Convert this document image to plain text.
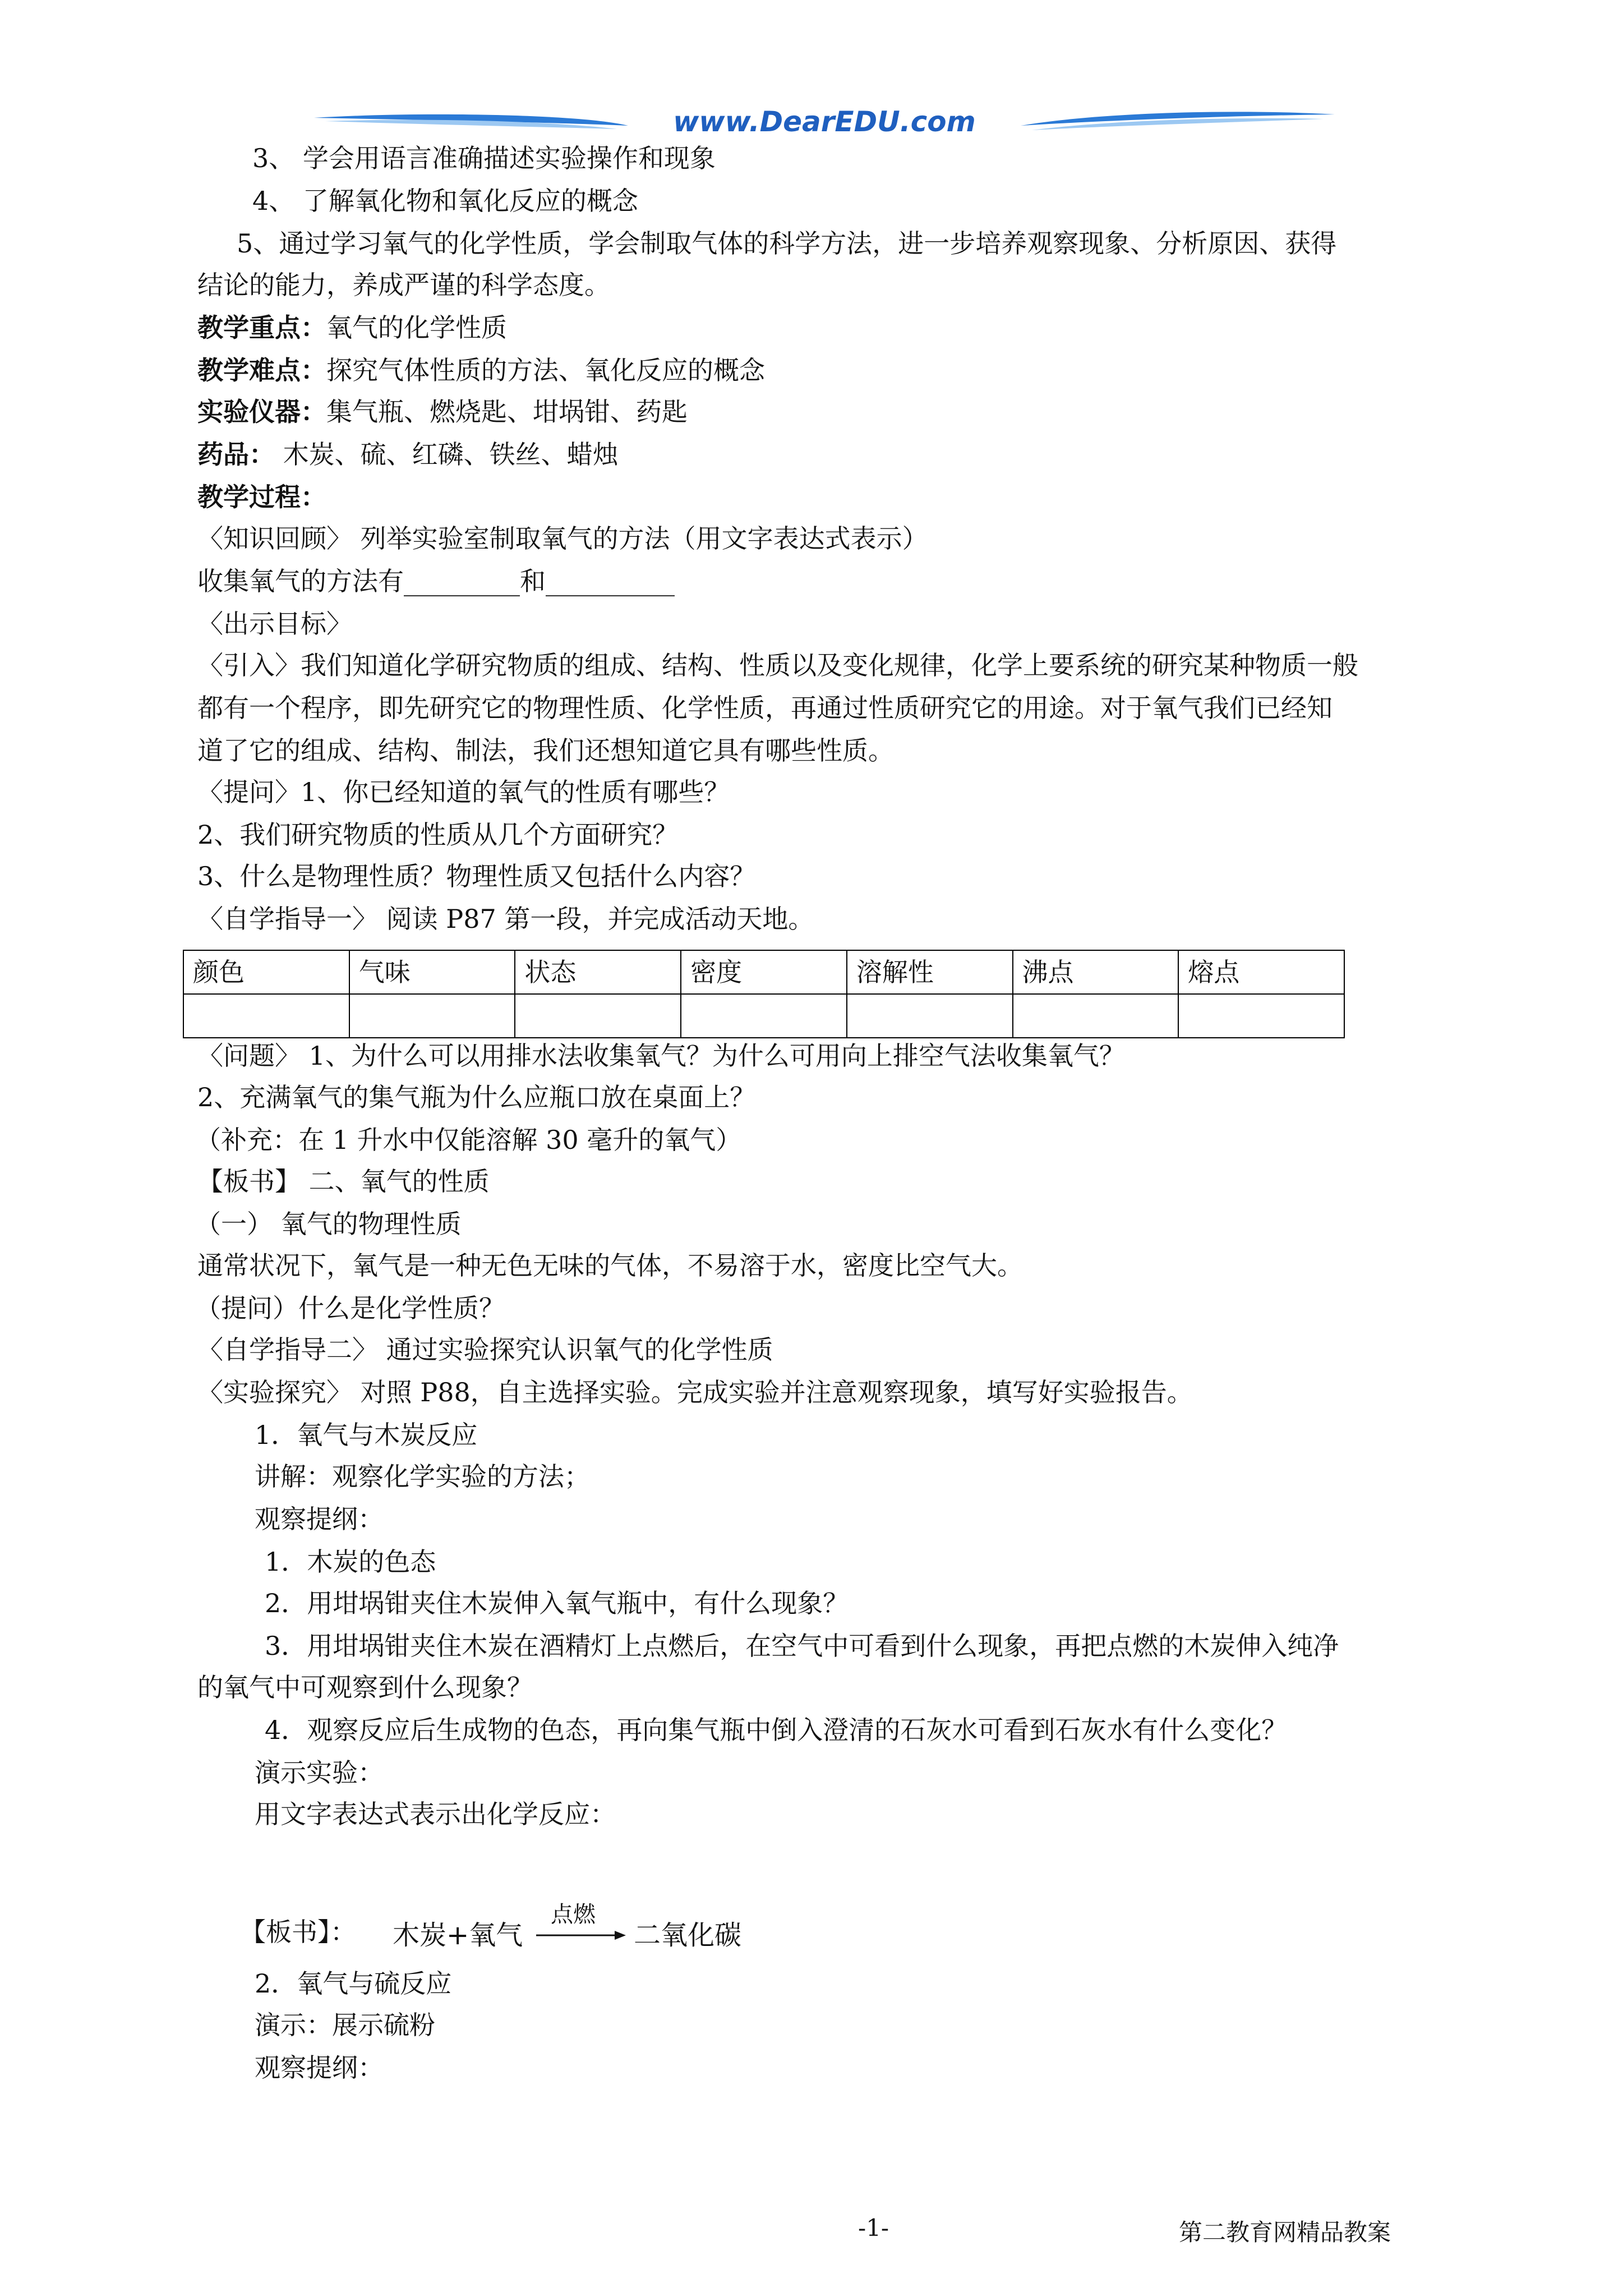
www.DearEDU.com
3、 学会用语言准确描述实验操作和现象
4、 了解氧化物和氧化反应的概念
5、通过学习氧气的化学性质，学会制取气体的科学方法，进一步培养观察现象、分析原因、获得
结论的能力，养成严谨的科学态度。
教学重点：氧气的化学性质
教学难点：探究气体性质的方法、氧化反应的概念
实验仪器：集气瓶、燃烧匙、坩埚钳、药匙
药品： 木炭、硫、红磷、铁丝、蜡烛
教学过程：
〈知识回顾〉 列举实验室制取氧气的方法（用文字表达式表示）
收集氧气的方法有_________和__________
〈出示目标〉
〈引入〉我们知道化学研究物质的组成、结构、性质以及变化规律，化学上要系统的研究某种物质一般
都有一个程序，即先研究它的物理性质、化学性质，再通过性质研究它的用途。对于氧气我们已经知
道了它的组成、结构、制法，我们还想知道它具有哪些性质。
〈提问〉1、你已经知道的氧气的性质有哪些？
2、我们研究物质的性质从几个方面研究？
3、什么是物理性质？物理性质又包括什么内容？
〈自学指导一〉 阅读 P87 第一段，并完成活动天地。
颜色	气味	状态	密度	溶解性	沸点	熔点

〈问题〉 1、为什么可以用排水法收集氧气？为什么可用向上排空气法收集氧气？
2、充满氧气的集气瓶为什么应瓶口放在桌面上？
（补充：在 1 升水中仅能溶解 30 毫升的氧气）
【板书】 二、氧气的性质
（一） 氧气的物理性质
通常状况下，氧气是一种无色无味的气体，不易溶于水，密度比空气大。
（提问）什么是化学性质？
〈自学指导二〉 通过实验探究认识氧气的化学性质
〈实验探究〉 对照 P88，自主选择实验。完成实验并注意观察现象，填写好实验报告。
1．氧气与木炭反应
讲解：观察化学实验的方法；
观察提纲：
1．木炭的色态
2．用坩埚钳夹住木炭伸入氧气瓶中，有什么现象？
3．用坩埚钳夹住木炭在酒精灯上点燃后，在空气中可看到什么现象，再把点燃的木炭伸入纯净
的氧气中可观察到什么现象？
4．观察反应后生成物的色态，再向集气瓶中倒入澄清的石灰水可看到石灰水有什么变化？
演示实验：
用文字表达式表示出化学反应：
【板书】： 木炭+氧气
点燃
二氧化碳
2．氧气与硫反应
演示：展示硫粉
观察提纲：
-1-	第二教育网精品教案
